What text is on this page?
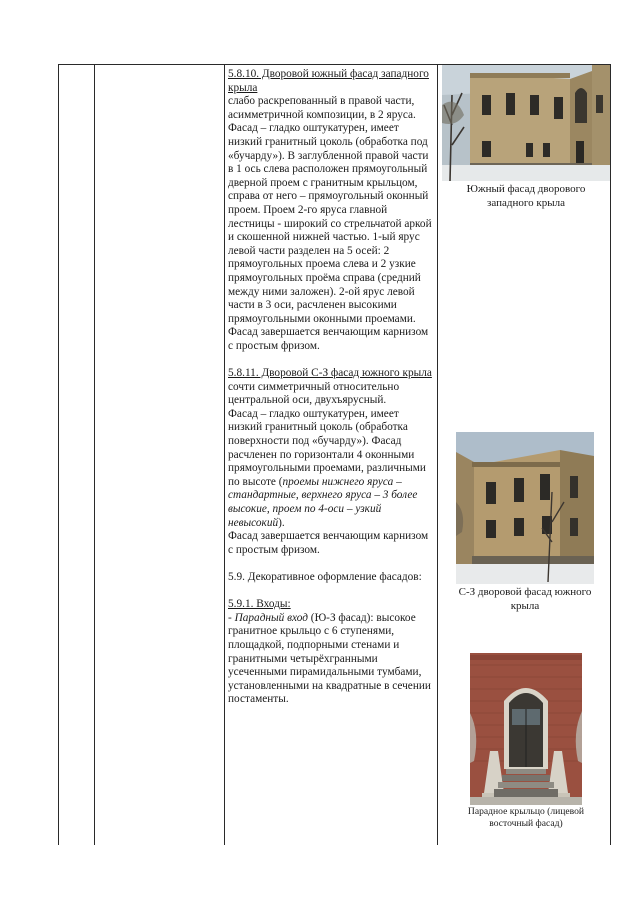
5.8.10. Дворовой южный фасад западного крыла

слабо раскрепованный в правой части, асимметричной композиции, в 2 яруса.

Фасад – гладко оштукатурен, имеет низкий гранитный цоколь (обработка под «бучарду»). В заглубленной правой части в 1 ось слева расположен прямоугольный дверной проем с гранитным крыльцом, справа от него – прямоугольный оконный проем. Проем 2-го яруса главной лестницы - широкий со стрельчатой аркой и скошенной нижней частью. 1-ый ярус левой части разделен на 5 осей: 2 прямоугольных проема слева и 2 узкие прямоугольных проёма справа (средний между ними заложен). 2-ой ярус левой части в 3 оси, расчленен высокими прямоугольными оконными проемами.

Фасад завершается венчающим карнизом с простым фризом.

5.8.11. Дворовой С-З фасад южного крыла

сочти симметричный относительно центральной оси, двухъярусный.

Фасад – гладко оштукатурен, имеет низкий гранитный цоколь (обработка поверхности под «бучарду»). Фасад расчленен по горизонтали 4 оконными прямоугольными проемами, различными по высоте (проемы нижнего яруса – стандартные, верхнего яруса – 3 более высокие, проем по 4-оси – узкий невысокий).

Фасад завершается венчающим карнизом с простым фризом.

5.9. Декоративное оформление фасадов:

5.9.1. Входы:

- Парадный вход (Ю-З фасад): высокое гранитное крыльцо с 6 ступенями, площадкой, подпорными стенами и гранитными четырёхгранными усеченными пирамидальными тумбами, установленными на квадратные в сечении постаменты.

Южный фасад дворового западного крыла
С-З дворовой фасад южного крыла
Парадное крыльцо (лицевой восточный фасад)
